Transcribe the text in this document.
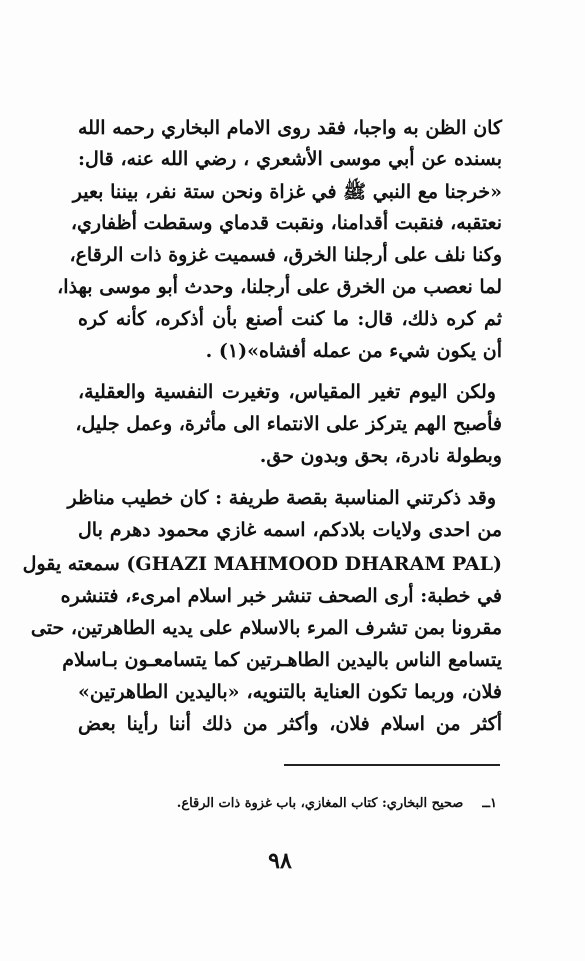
كان الظن به واجبا، فقد روى الامام البخاري رحمه الله
بسنده عن أبي موسى الأشعري ، رضي الله عنه، قال:
«خرجنا مع النبي ﷺ في غزاة ونحن ستة نفر، بيننا بعير
نعتقبه، فنقبت أقدامنا، ونقبت قدماي وسقطت أظفاري،
وكنا نلف على أرجلنا الخرق، فسميت غزوة ذات الرقاع،
لما نعصب من الخرق على أرجلنا، وحدث أبو موسى بهذا،
ثم كره ذلك، قال: ما كنت أصنع بأن أذكره، كأنه كره
أن يكون شيء من عمله أفشاه»(١) .
ولكن اليوم تغير المقياس، وتغيرت النفسية والعقلية،
فأصبح الهم يتركز على الانتماء الى مأثرة، وعمل جليل،
وبطولة نادرة، بحق وبدون حق.
وقد ذكرتني المناسبة بقصة طريفة : كان خطيب مناظر
من احدى ولايات بلادكم، اسمه غازي محمود دهرم بال
(GHAZI MAHMOOD DHARAM PAL) سمعته يقول
في خطبة: أرى الصحف تنشر خبر اسلام امرىء، فتنشره
مقرونا بمن تشرف المرء بالاسلام على يديه الطاهرتين، حتى
يتسامع الناس باليدين الطاهـرتين كما يتسامعـون بـاسلام
فلان، وربما تكون العناية بالتنويه، «باليدين الطاهرتين»
أكثر من اسلام فلان، وأكثر من ذلك أننا رأينا بعض
١ــ  صحيح البخاري: كتاب المغازي، باب غزوة ذات الرقاع.
٩٨
